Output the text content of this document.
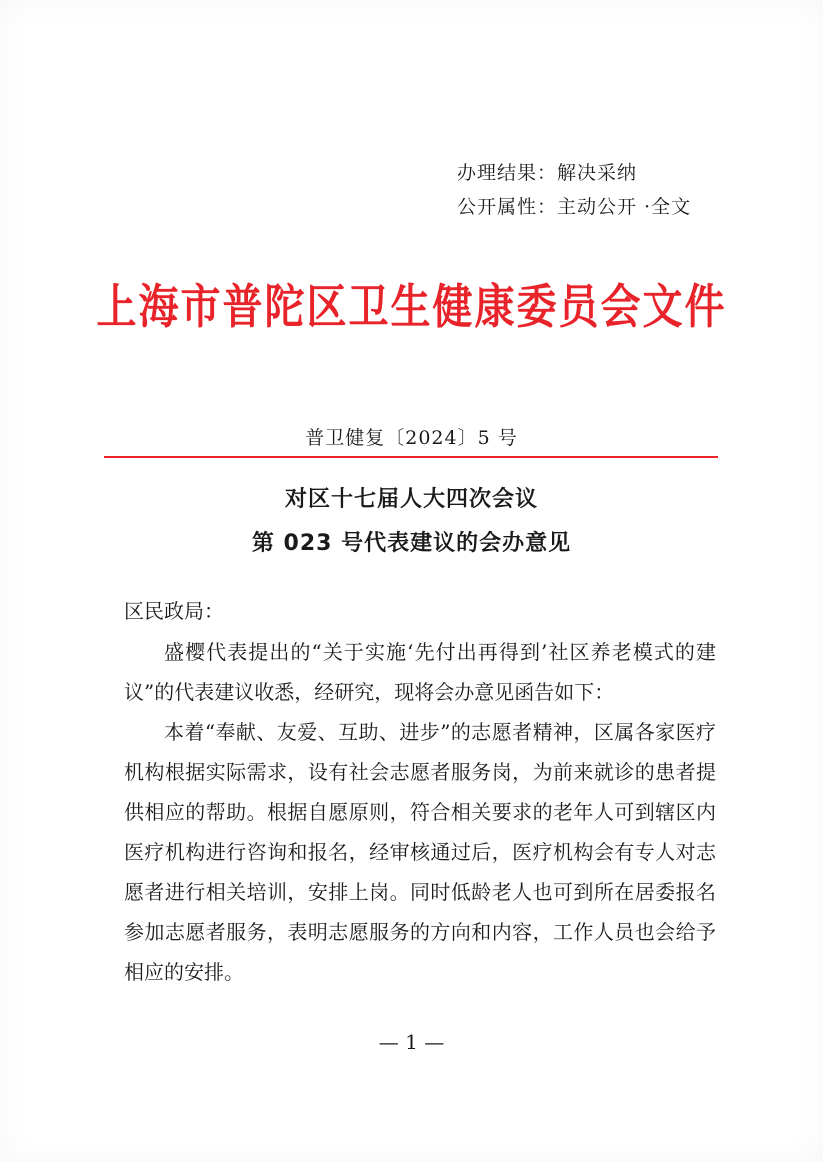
办理结果：解决采纳
公开属性：主动公开 ·全文
上海市普陀区卫生健康委员会文件
普卫健复〔2024〕5 号
对区十七届人大四次会议
第 023 号代表建议的会办意见
区民政局：

盛樱代表提出的“关于实施‘先付出再得到’社区养老模式的建议”的代表建议收悉，经研究，现将会办意见函告如下：

本着“奉献、友爱、互助、进步”的志愿者精神，区属各家医疗机构根据实际需求，设有社会志愿者服务岗，为前来就诊的患者提供相应的帮助。根据自愿原则，符合相关要求的老年人可到辖区内医疗机构进行咨询和报名，经审核通过后，医疗机构会有专人对志愿者进行相关培训，安排上岗。同时低龄老人也可到所在居委报名参加志愿者服务，表明志愿服务的方向和内容，工作人员也会给予相应的安排。

— 1 —
